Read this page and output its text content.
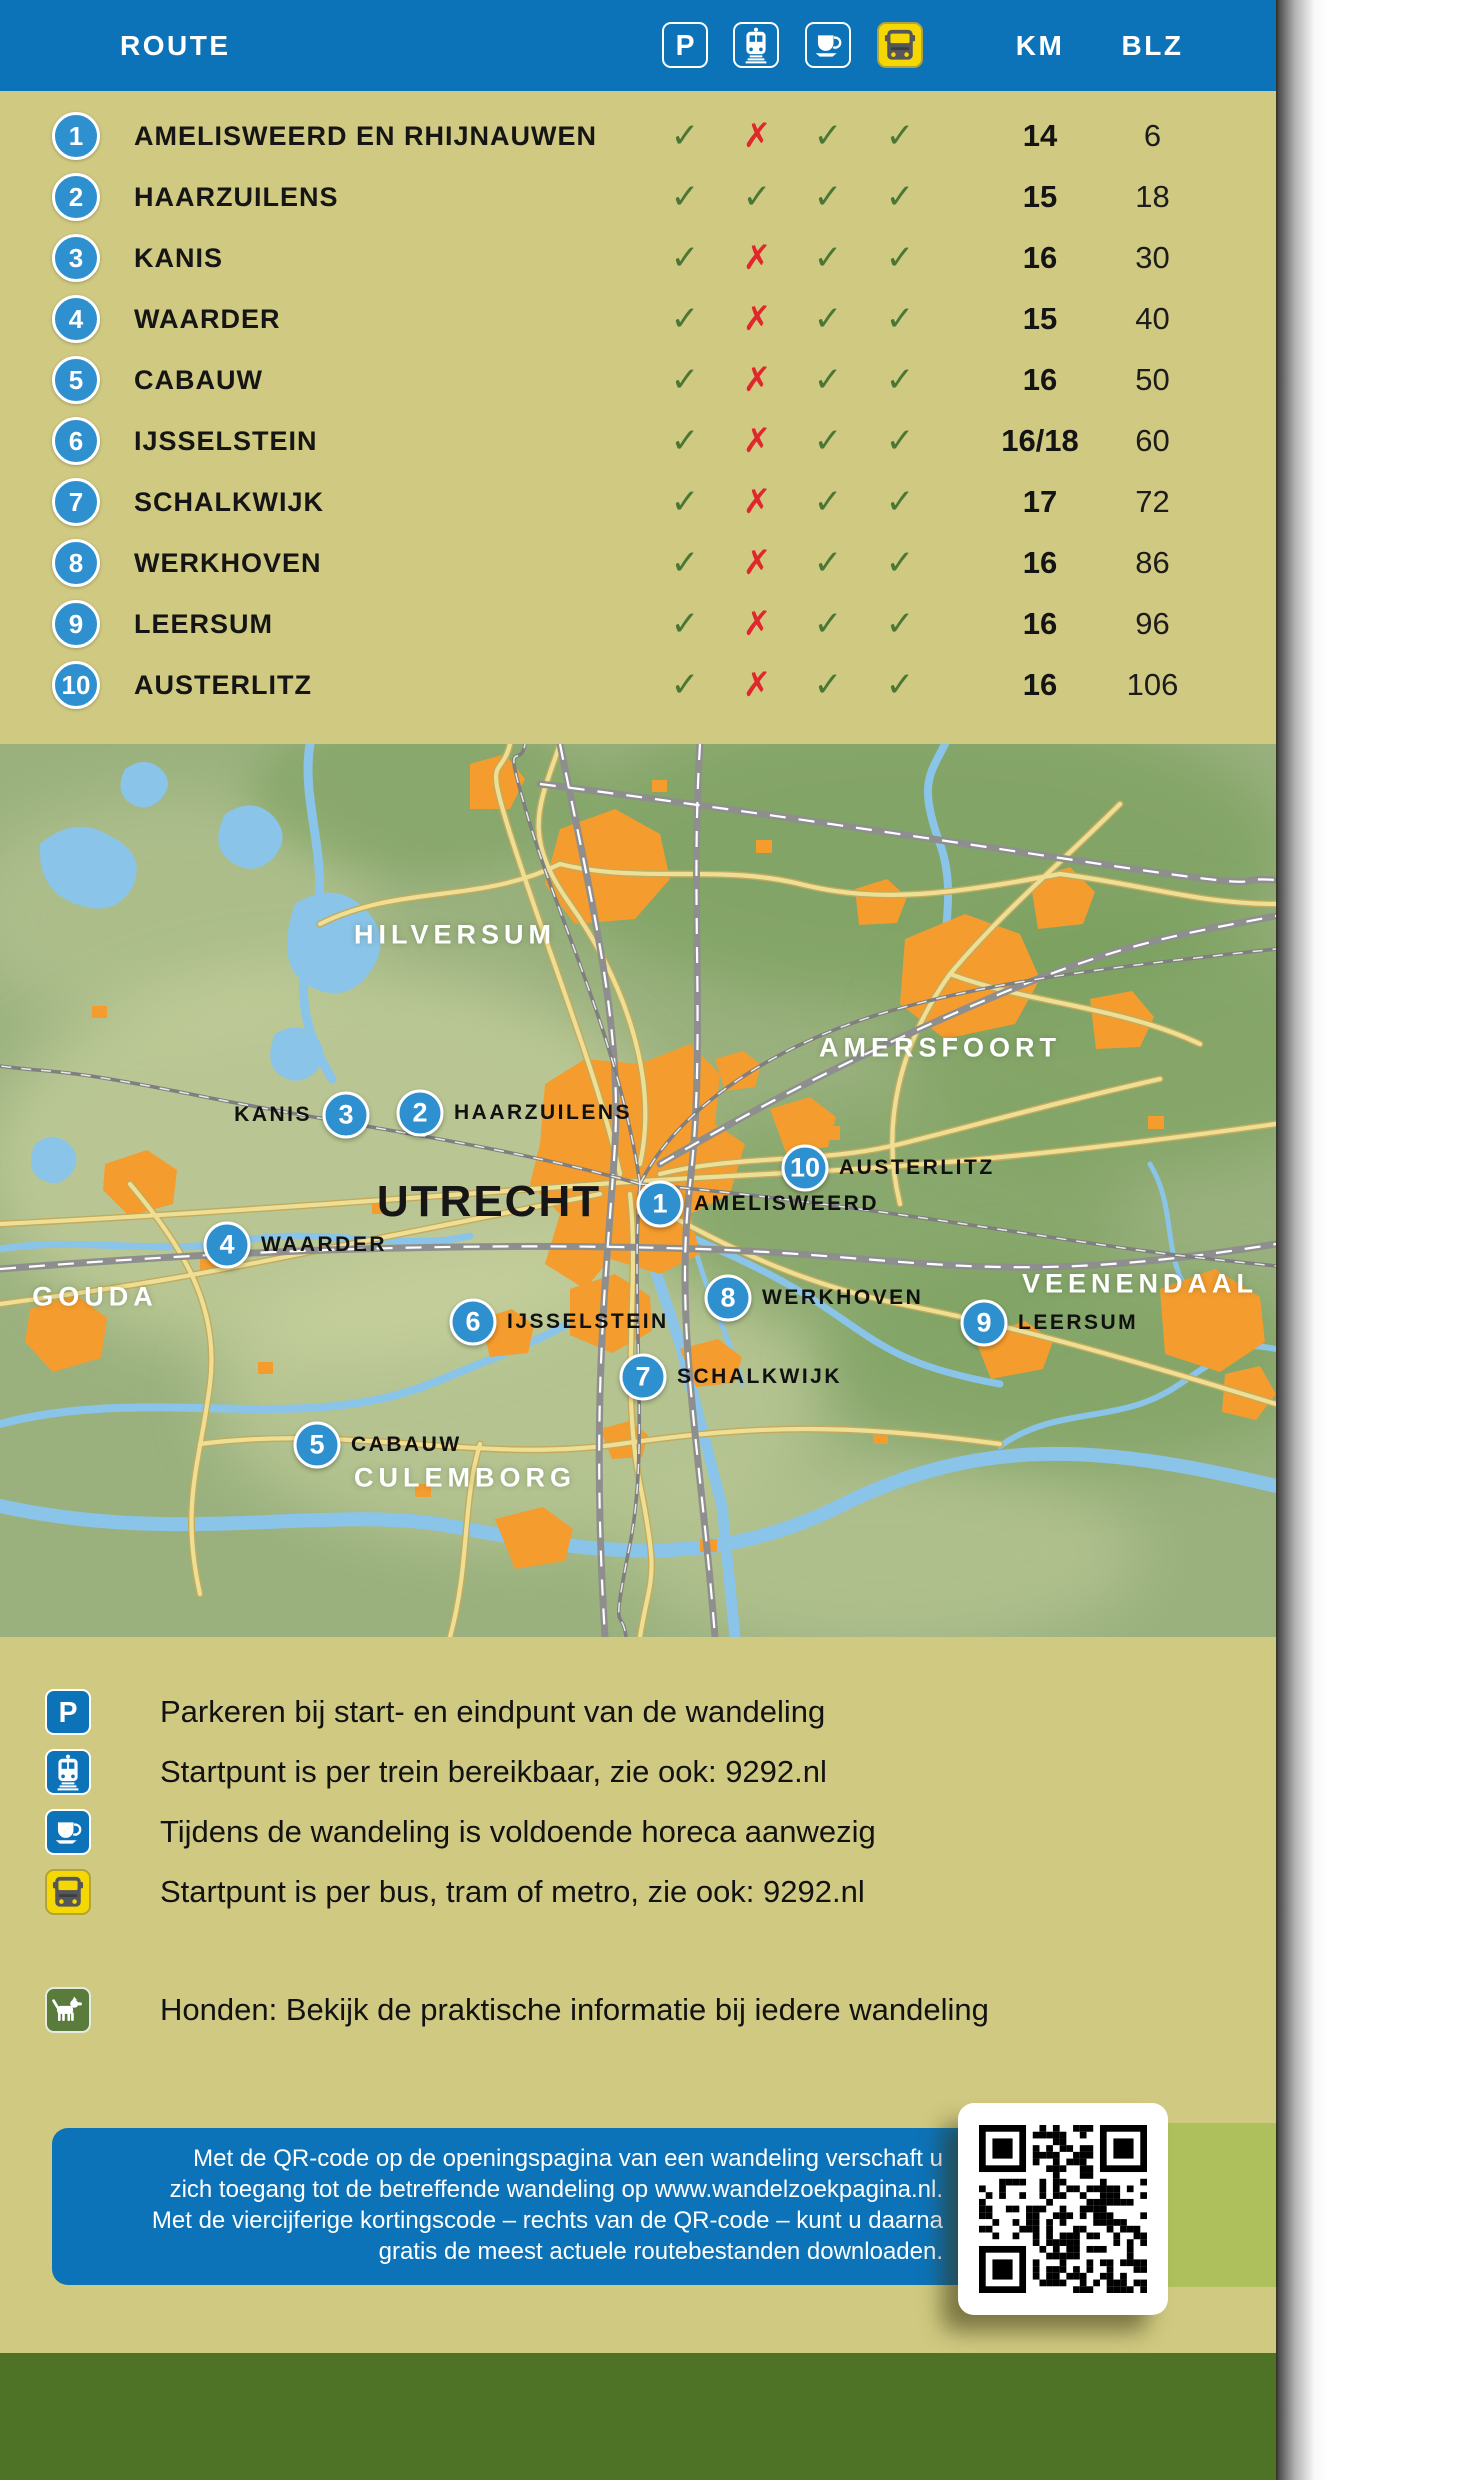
ROUTE	KM	BLZ
1	AMELISWEERD EN RHIJNAUWEN	✓	✗	✓	✓	14	6
2	HAARZUILENS	✓	✓	✓	✓	15	18
3	KANIS	✓	✗	✓	✓	16	30
4	WAARDER	✓	✗	✓	✓	15	40
5	CABAUW	✓	✗	✓	✓	16	50
6	IJSSELSTEIN	✓	✗	✓	✓	16/18	60
7	SCHALKWIJK	✓	✗	✓	✓	17	72
8	WERKHOVEN	✓	✗	✓	✓	16	86
9	LEERSUM	✓	✗	✓	✓	16	96
10	AUSTERLITZ	✓	✗	✓	✓	16	106
HILVERSUM
AMERSFOORT
UTRECHT
GOUDA	VEENENDAAL
CULEMBORG
1	AMELISWEERD
2	HAARZUILENS
3
KANIS
4	WAARDER
5	CABAUW
6	IJSSELSTEIN
7	SCHALKWIJK
8	WERKHOVEN
9	LEERSUM
10 AUSTERLITZ
Parkeren bij start- en eindpunt van de wandeling
Startpunt is per trein bereikbaar, zie ook: 9292.nl
Tijdens de wandeling is voldoende horeca aanwezig
Startpunt is per bus, tram of metro, zie ook: 9292.nl
Honden: Bekijk de praktische informatie bij iedere wandeling
Met de QR-code op de openingspagina van een wandeling verschaft u
zich toegang tot de betreffende wandeling op www.wandelzoekpagina.nl.
Met de viercijferige kortingscode – rechts van de QR-code – kunt u daarna
gratis de meest actuele routebestanden downloaden.
